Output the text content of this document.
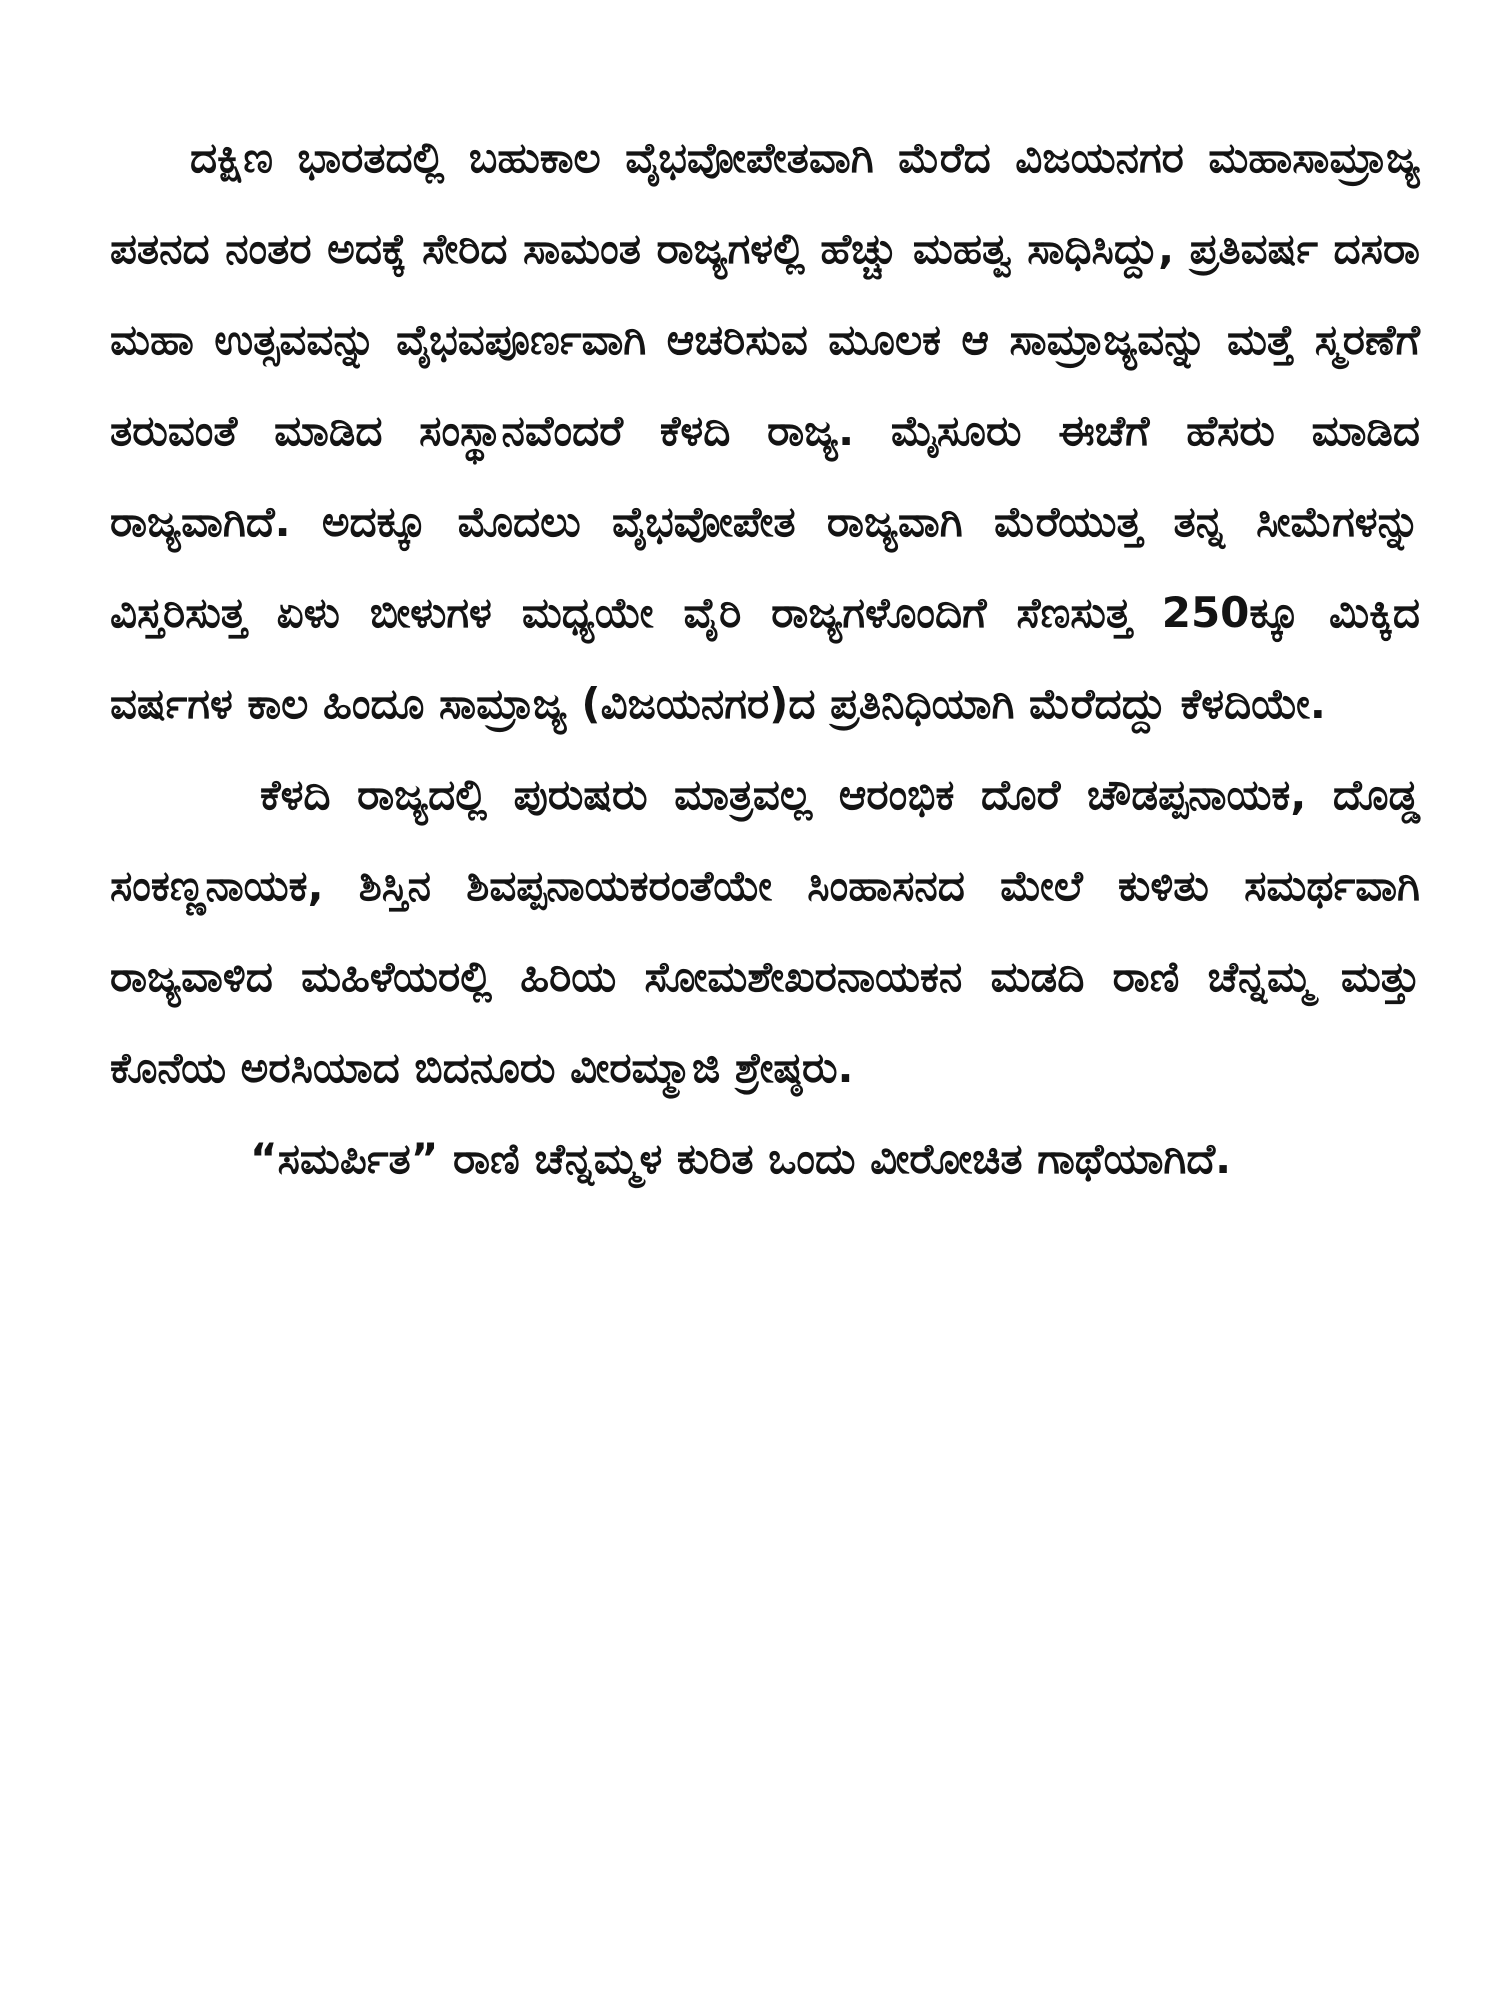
ದಕ್ಷಿಣ ಭಾರತದಲ್ಲಿ ಬಹುಕಾಲ ವೈಭವೋಪೇತವಾಗಿ ಮೆರೆದ ವಿಜಯನಗರ ಮಹಾಸಾಮ್ರಾಜ್ಯ ಪತನದ ನಂತರ ಅದಕ್ಕೆ ಸೇರಿದ ಸಾಮಂತ ರಾಜ್ಯಗಳಲ್ಲಿ ಹೆಚ್ಚು ಮಹತ್ವ ಸಾಧಿಸಿದ್ದು, ಪ್ರತಿವರ್ಷ ದಸರಾ ಮಹಾ ಉತ್ಸವವನ್ನು ವೈಭವಪೂರ್ಣವಾಗಿ ಆಚರಿಸುವ ಮೂಲಕ ಆ ಸಾಮ್ರಾಜ್ಯವನ್ನು ಮತ್ತೆ ಸ್ಮರಣೆಗೆ ತರುವಂತೆ ಮಾಡಿದ ಸಂಸ್ಥಾನವೆಂದರೆ ಕೆಳದಿ ರಾಜ್ಯ. ಮೈಸೂರು ಈಚೆಗೆ ಹೆಸರು ಮಾಡಿದ ರಾಜ್ಯವಾಗಿದೆ. ಅದಕ್ಕೂ ಮೊದಲು ವೈಭವೋಪೇತ ರಾಜ್ಯವಾಗಿ ಮೆರೆಯುತ್ತ ತನ್ನ ಸೀಮೆಗಳನ್ನು ವಿಸ್ತರಿಸುತ್ತ ಏಳು ಬೀಳುಗಳ ಮಧ್ಯಯೇ ವೈರಿ ರಾಜ್ಯಗಳೊಂದಿಗೆ ಸೆಣಸುತ್ತ 250ಕ್ಕೂ ಮಿಕ್ಕಿದ ವರ್ಷಗಳ ಕಾಲ ಹಿಂದೂ ಸಾಮ್ರಾಜ್ಯ (ವಿಜಯನಗರ)ದ ಪ್ರತಿನಿಧಿಯಾಗಿ ಮೆರೆದದ್ದು ಕೆಳದಿಯೇ.

ಕೆಳದಿ ರಾಜ್ಯದಲ್ಲಿ ಪುರುಷರು ಮಾತ್ರವಲ್ಲ ಆರಂಭಿಕ ದೊರೆ ಚೌಡಪ್ಪನಾಯಕ, ದೊಡ್ಡ ಸಂಕಣ್ಣನಾಯಕ, ಶಿಸ್ತಿನ ಶಿವಪ್ಪನಾಯಕರಂತೆಯೇ ಸಿಂಹಾಸನದ ಮೇಲೆ ಕುಳಿತು ಸಮರ್ಥವಾಗಿ ರಾಜ್ಯವಾಳಿದ ಮಹಿಳೆಯರಲ್ಲಿ ಹಿರಿಯ ಸೋಮಶೇಖರನಾಯಕನ ಮಡದಿ ರಾಣಿ ಚೆನ್ನಮ್ಮ ಮತ್ತು ಕೊನೆಯ ಅರಸಿಯಾದ ಬಿದನೂರು ವೀರಮ್ಮಾಜಿ ಶ್ರೇಷ್ಠರು.

“ಸಮರ್ಪಿತ” ರಾಣಿ ಚೆನ್ನಮ್ಮಳ ಕುರಿತ ಒಂದು ವೀರೋಚಿತ ಗಾಥೆಯಾಗಿದೆ.
